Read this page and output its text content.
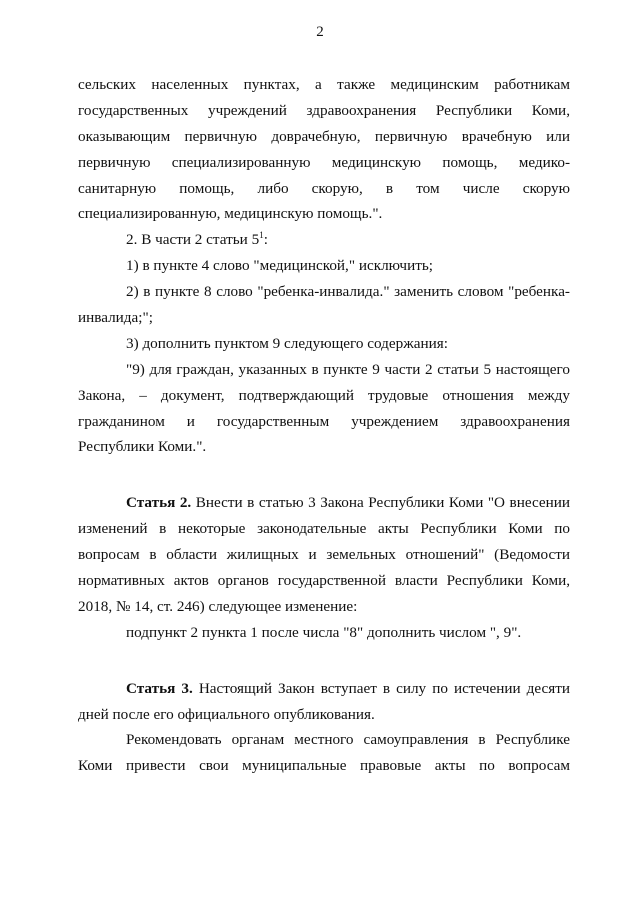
2
сельских населенных пунктах, а также медицинским работникам
государственных учреждений здравоохранения Республики Коми,
оказывающим первичную доврачебную, первичную врачебную или
первичную специализированную медицинскую помощь, медико-
санитарную помощь, либо скорую, в том числе скорую
специализированную, медицинскую помощь.".
2. В части 2 статьи $5^1$:
1) в пункте 4 слово "медицинской," исключить;
2) в пункте 8 слово "ребенка-инвалида." заменить словом "ребенка-
инвалида;";
3) дополнить пунктом 9 следующего содержания:
"9) для граждан, указанных в пункте 9 части 2 статьи 5 настоящего
Закона, – документ, подтверждающий трудовые отношения между
гражданином и государственным учреждением здравоохранения
Республики Коми.".
Статья 2. Внести в статью 3 Закона Республики Коми "О внесении
изменений в некоторые законодательные акты Республики Коми по
вопросам в области жилищных и земельных отношений" (Ведомости
нормативных актов органов государственной власти Республики Коми,
2018, № 14, ст. 246) следующее изменение:
подпункт 2 пункта 1 после числа "8" дополнить числом ", 9".
Статья 3. Настоящий Закон вступает в силу по истечении десяти
дней после его официального опубликования.
Рекомендовать органам местного самоуправления в Республике
Коми привести свои муниципальные правовые акты по вопросам
